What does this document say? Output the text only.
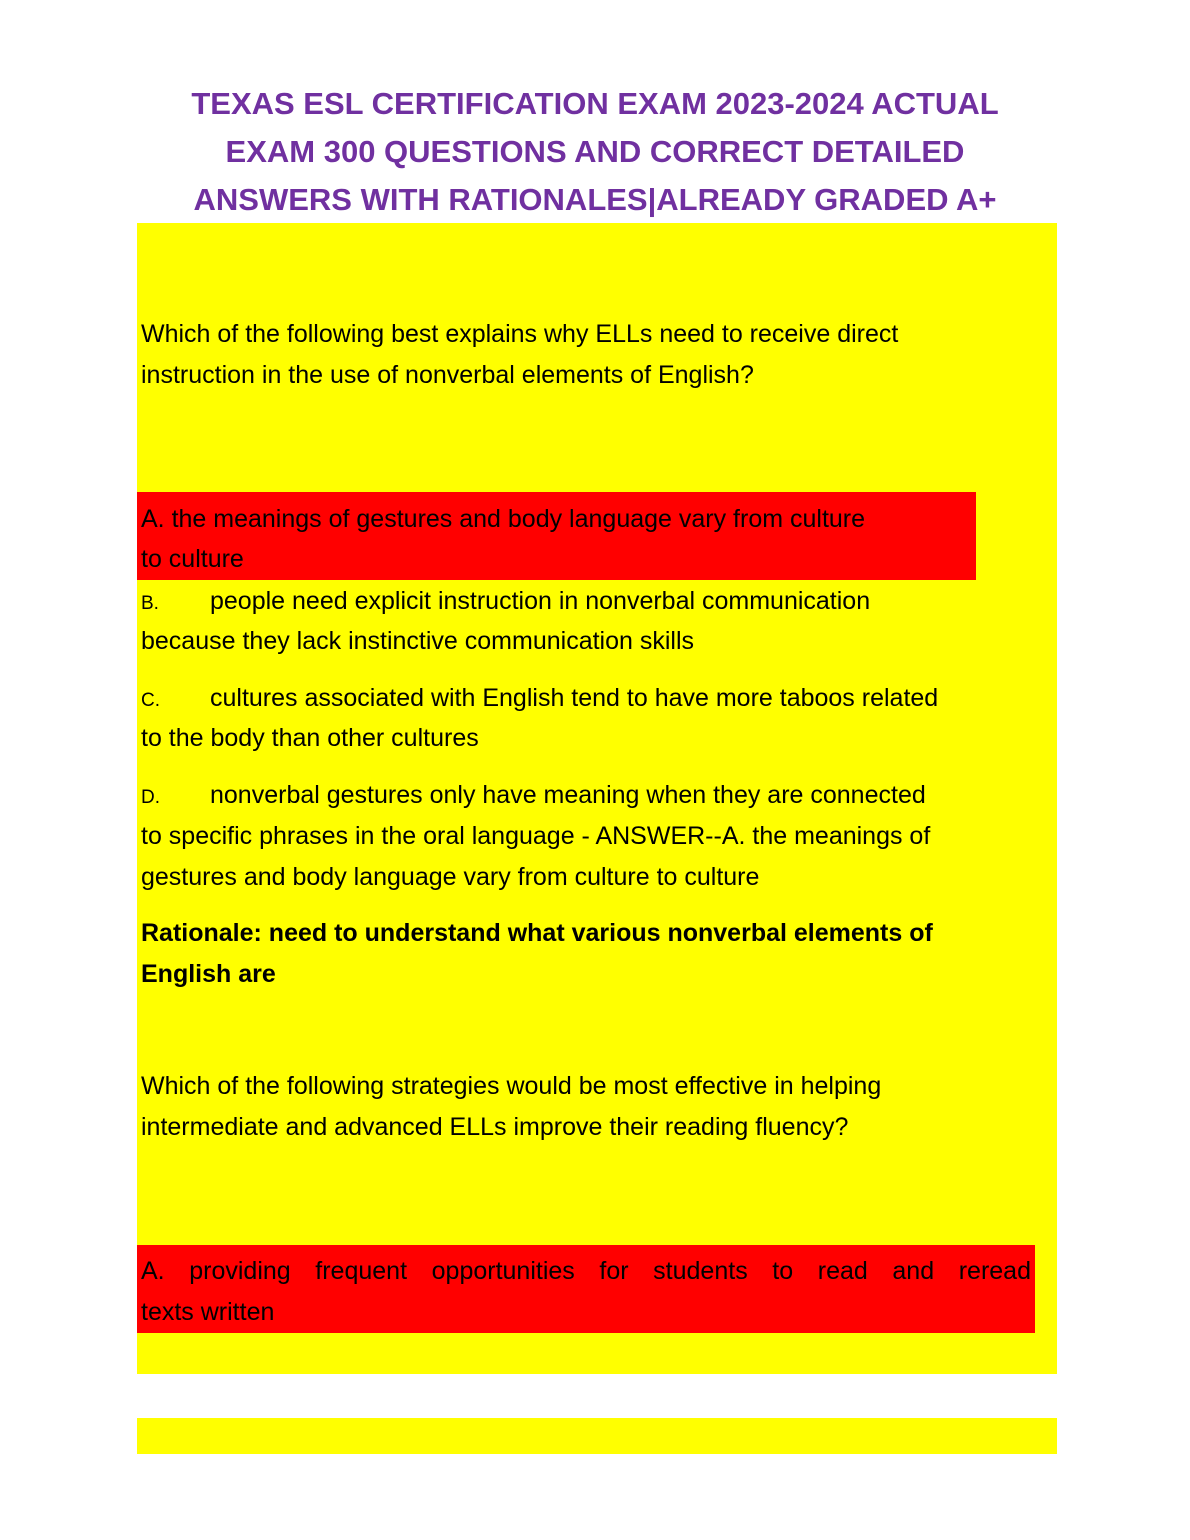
TEXAS ESL CERTIFICATION EXAM 2023-2024 ACTUAL
EXAM 300 QUESTIONS AND CORRECT DETAILED
ANSWERS WITH RATIONALES|ALREADY GRADED A+
Which of the following best explains why ELLs need to receive direct
instruction in the use of nonverbal elements of English?
A. the meanings of gestures and body language vary from culture
to culture
B. people need explicit instruction in nonverbal communication
because they lack instinctive communication skills
C. cultures associated with English tend to have more taboos related
to the body than other cultures
D. nonverbal gestures only have meaning when they are connected
to specific phrases in the oral language - ANSWER--A. the meanings of
gestures and body language vary from culture to culture
Rationale: need to understand what various nonverbal elements of
English are
Which of the following strategies would be most effective in helping
intermediate and advanced ELLs improve their reading fluency?
A. providing frequent opportunities for students to read and reread
texts written
